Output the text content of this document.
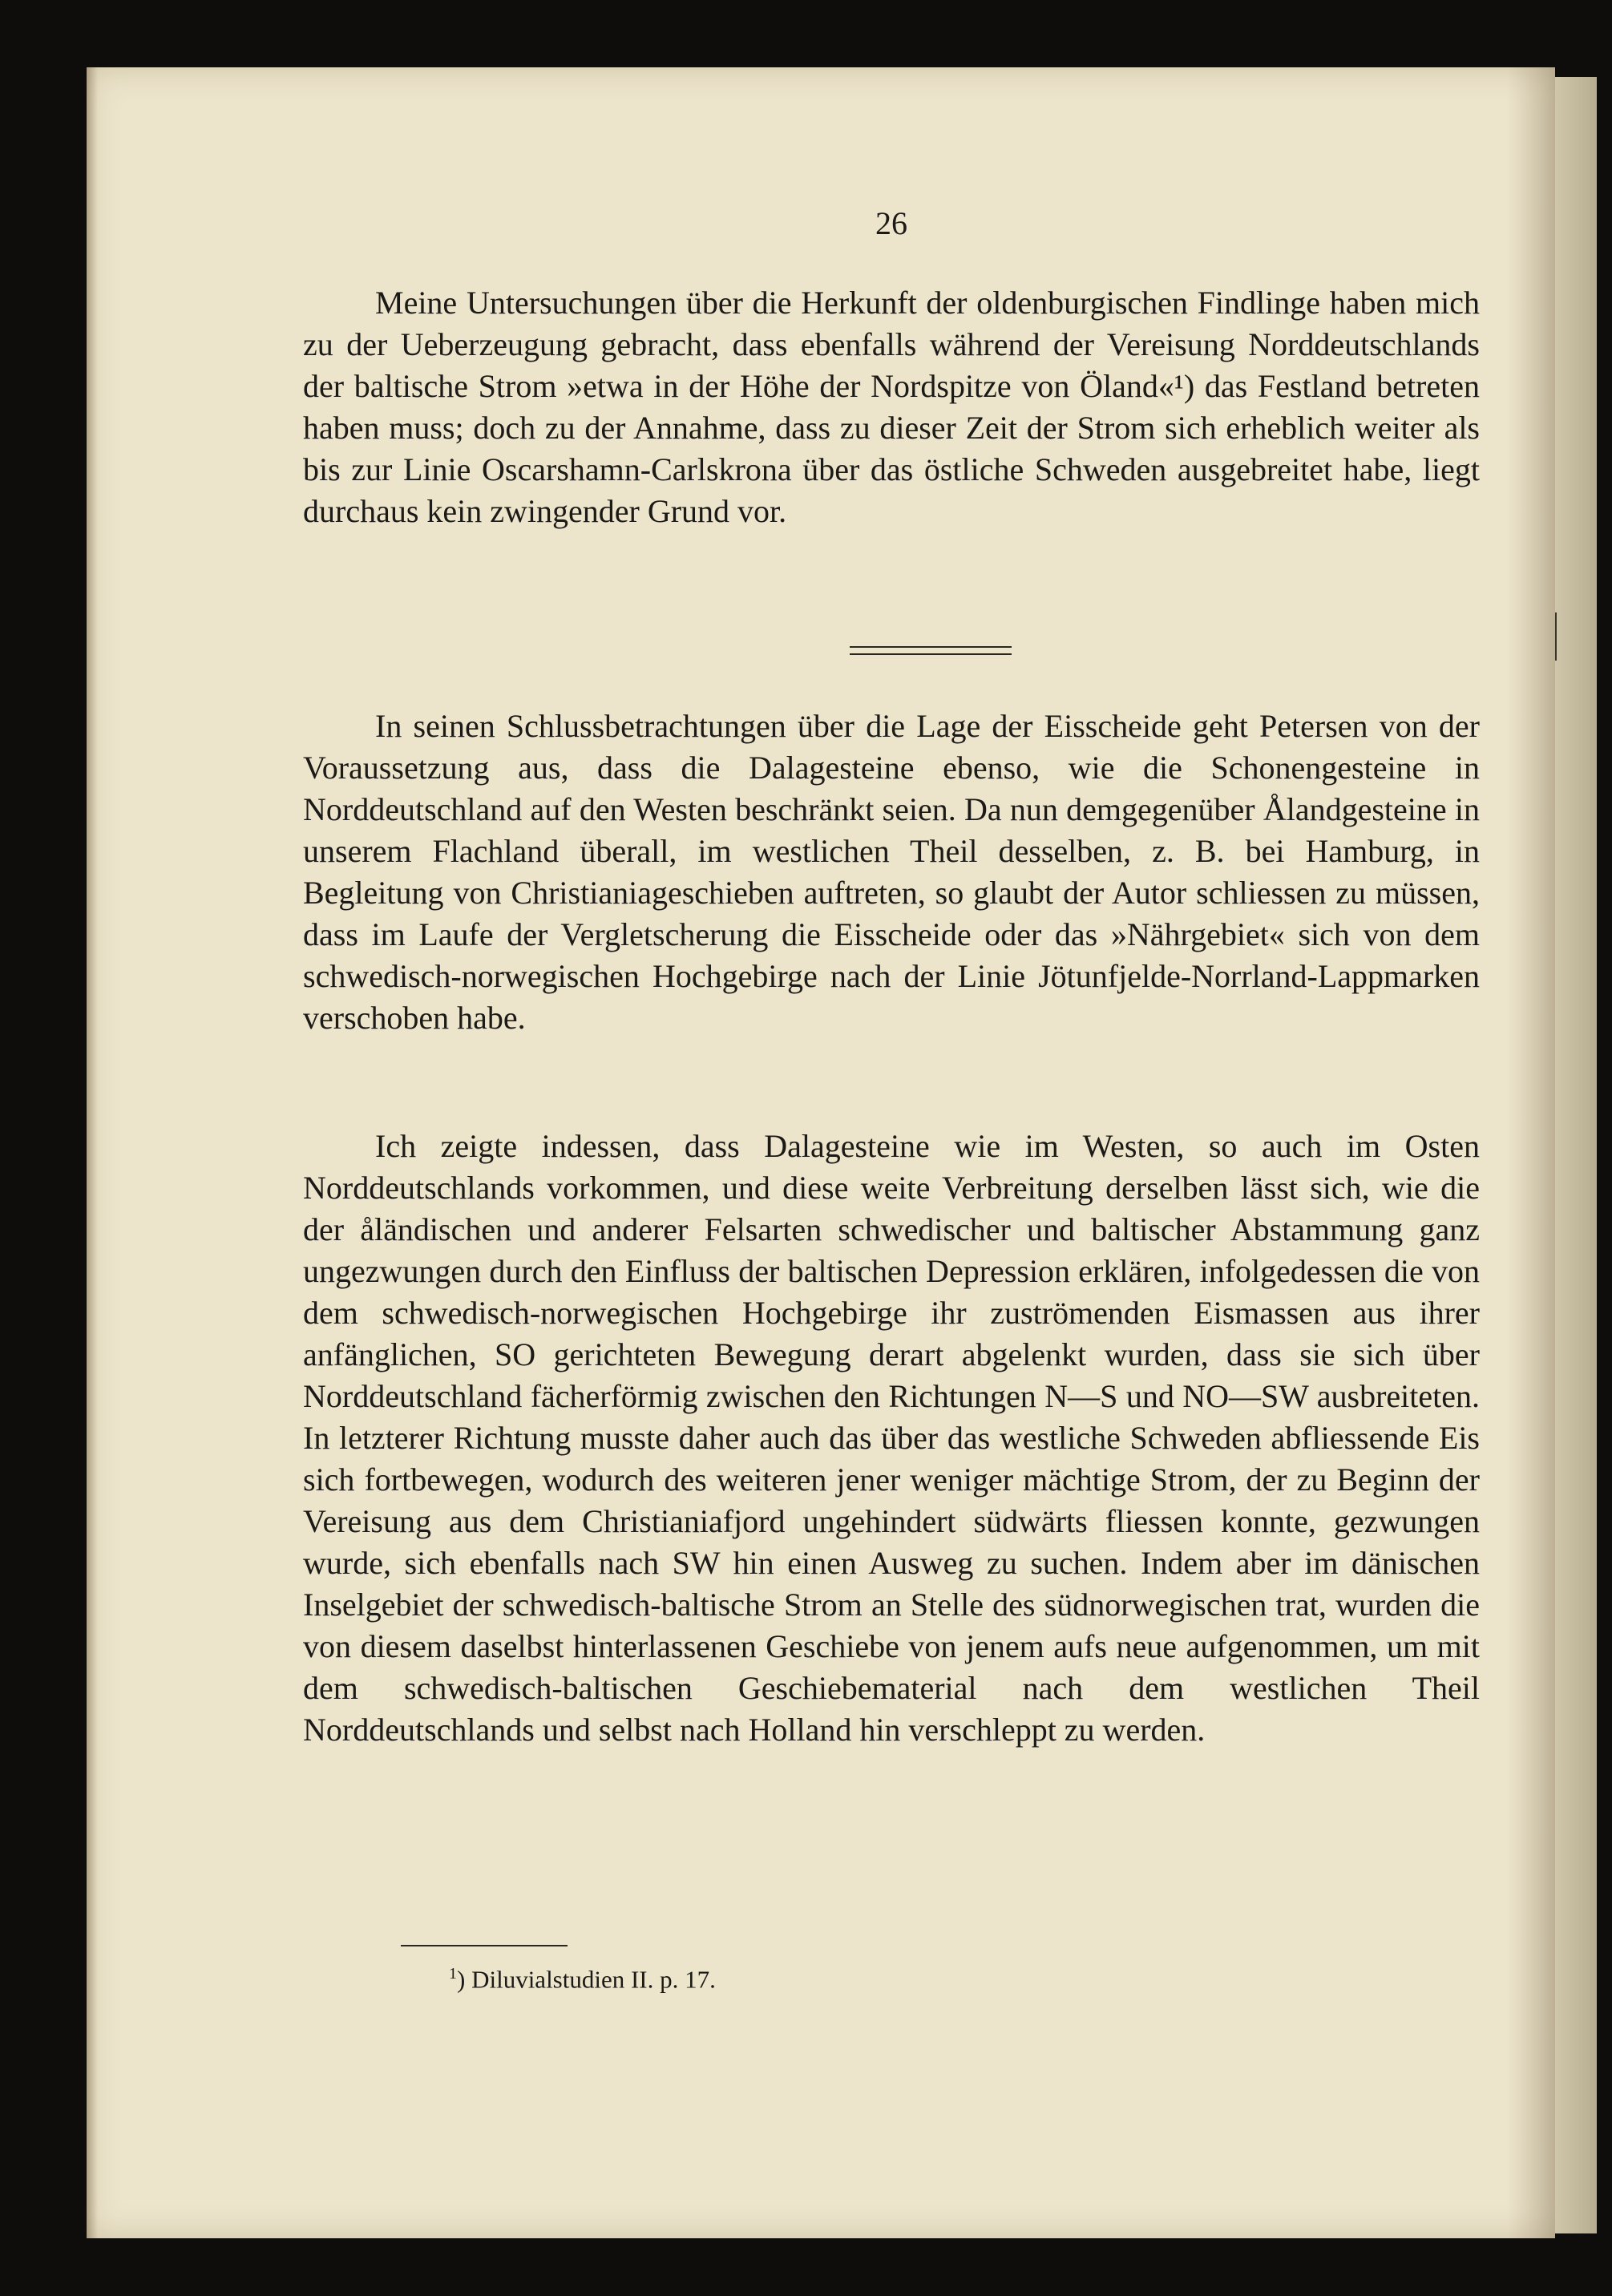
26

Meine Untersuchungen über die Herkunft der oldenburgischen Findlinge haben mich zu der Ueberzeugung gebracht, dass ebenfalls während der Vereisung Norddeutschlands der baltische Strom »etwa in der Höhe der Nordspitze von Öland«¹) das Festland betreten haben muss; doch zu der Annahme, dass zu dieser Zeit der Strom sich erheblich weiter als bis zur Linie Oscarshamn-Carlskrona über das östliche Schweden ausgebreitet habe, liegt durchaus kein zwingender Grund vor.

In seinen Schlussbetrachtungen über die Lage der Eisscheide geht Petersen von der Voraussetzung aus, dass die Dalagesteine ebenso, wie die Schonengesteine in Norddeutschland auf den Westen beschränkt seien. Da nun demgegenüber Ålandgesteine in unserem Flachland überall, im westlichen Theil desselben, z. B. bei Hamburg, in Begleitung von Christianiageschieben auftreten, so glaubt der Autor schliessen zu müssen, dass im Laufe der Vergletscherung die Eisscheide oder das »Nährgebiet« sich von dem schwedisch-norwegischen Hochgebirge nach der Linie Jötunfjelde-Norrland-Lappmarken verschoben habe.

Ich zeigte indessen, dass Dalagesteine wie im Westen, so auch im Osten Norddeutschlands vorkommen, und diese weite Verbreitung derselben lässt sich, wie die der åländischen und anderer Felsarten schwedischer und baltischer Abstammung ganz ungezwungen durch den Einfluss der baltischen Depression erklären, infolgedessen die von dem schwedisch-norwegischen Hochgebirge ihr zuströmenden Eismassen aus ihrer anfänglichen, SO gerichteten Bewegung derart abgelenkt wurden, dass sie sich über Norddeutschland fächerförmig zwischen den Richtungen N—S und NO—SW ausbreiteten. In letzterer Richtung musste daher auch das über das westliche Schweden abfliessende Eis sich fortbewegen, wodurch des weiteren jener weniger mächtige Strom, der zu Beginn der Vereisung aus dem Christianiafjord ungehindert südwärts fliessen konnte, gezwungen wurde, sich ebenfalls nach SW hin einen Ausweg zu suchen. Indem aber im dänischen Inselgebiet der schwedisch-baltische Strom an Stelle des südnorwegischen trat, wurden die von diesem daselbst hinterlassenen Geschiebe von jenem aufs neue aufgenommen, um mit dem schwedisch-baltischen Geschiebematerial nach dem westlichen Theil Norddeutschlands und selbst nach Holland hin verschleppt zu werden.

$^1$) Diluvialstudien II. p. 17.
